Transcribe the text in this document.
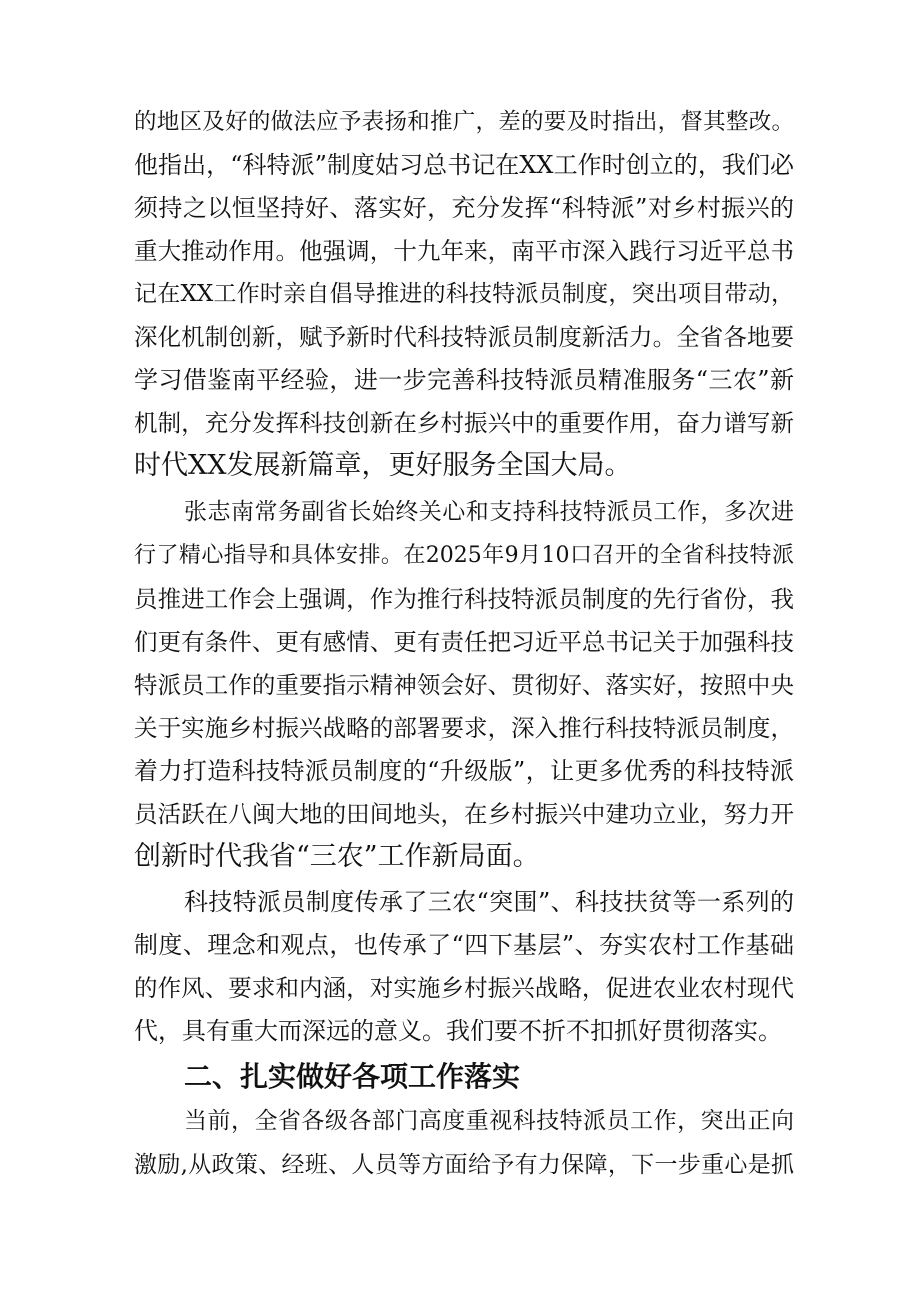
的地区及好的做法应予表扬和推广，差的要及时指出，督其整改。
他指出，“科特派”制度姑习总书记在XX工作时创立的，我们必
须持之以恒坚持好、落实好，充分发挥“科特派”对乡村振兴的
重大推动作用。他强调，十九年来，南平市深入践行习近平总书
记在XX工作时亲自倡导推进的科技特派员制度，突出项目带动，
深化机制创新，赋予新时代科技特派员制度新活力。全省各地要
学习借鉴南平经验，进一步完善科技特派员精准服务“三农”新
机制，充分发挥科技创新在乡村振兴中的重要作用，奋力谱写新
时代XX发展新篇章，更好服务全国大局。
张志南常务副省长始终关心和支持科技特派员工作，多次进
行了精心指导和具体安排。在2025年9月10口召开的全省科技特派
员推进工作会上强调，作为推行科技特派员制度的先行省份，我
们更有条件、更有感情、更有责任把习近平总书记关于加强科技
特派员工作的重要指示精神领会好、贯彻好、落实好，按照中央
关于实施乡村振兴战略的部署要求，深入推行科技特派员制度，
着力打造科技特派员制度的“升级版”，让更多优秀的科技特派
员活跃在八闽大地的田间地头，在乡村振兴中建功立业，努力开
创新时代我省“三农”工作新局面。
科技特派员制度传承了三农“突围”、科技扶贫等一系列的
制度、理念和观点，也传承了“四下基层”、夯实农村工作基础
的作风、要求和内涵，对实施乡村振兴战略，促进农业农村现代
代，具有重大而深远的意义。我们要不折不扣抓好贯彻落实。
二、扎实做好各项工作落实
当前，全省各级各部门高度重视科技特派员工作，突出正向
激励,从政策、经班、人员等方面给予有力保障，下一步重心是抓
